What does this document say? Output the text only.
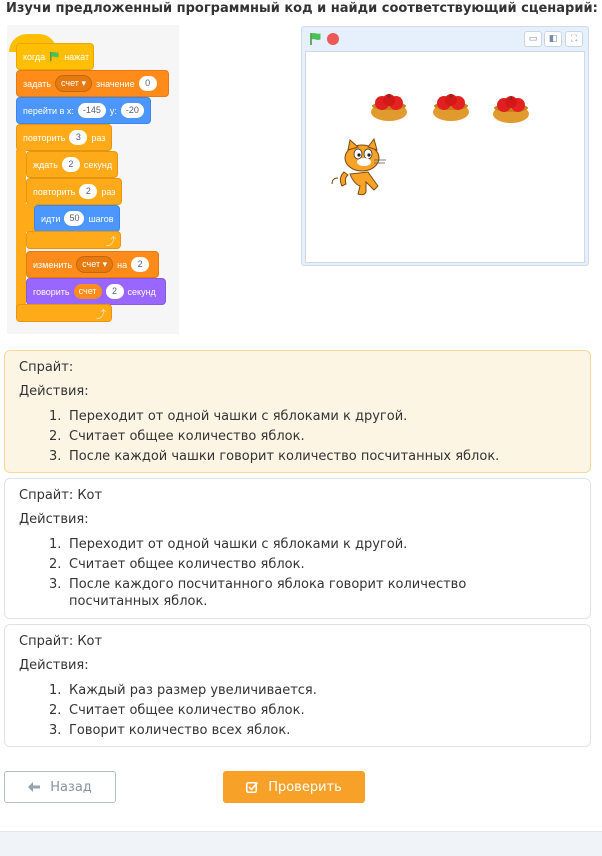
Изучи предложенный программный код и найди соответствующий сценарий:
когда нажат
задать	счет ▾	значение	0
перейти в x:	-145	y:	-20
повторить	3	раз
ждать	2	секунд
повторить	2	раз
идти	50	шагов
⤴
изменить	счет ▾	на	2
говорить	счет	2	секунд
⤴
▭	◧	⛶
Спрайт:
Действия:
1. Переходит от одной чашки с яблоками к другой.
2. Считает общее количество яблок.
3. После каждой чашки говорит количество посчитанных яблок.
Спрайт: Кот
Действия:
1. Переходит от одной чашки с яблоками к другой.
2. Считает общее количество яблок.
3. После каждого посчитанного яблока говорит количество посчитанных яблок.
Спрайт: Кот
Действия:
1. Каждый раз размер увеличивается.
2. Считает общее количество яблок.
3. Говорит количество всех яблок.
Назад	Проверить
